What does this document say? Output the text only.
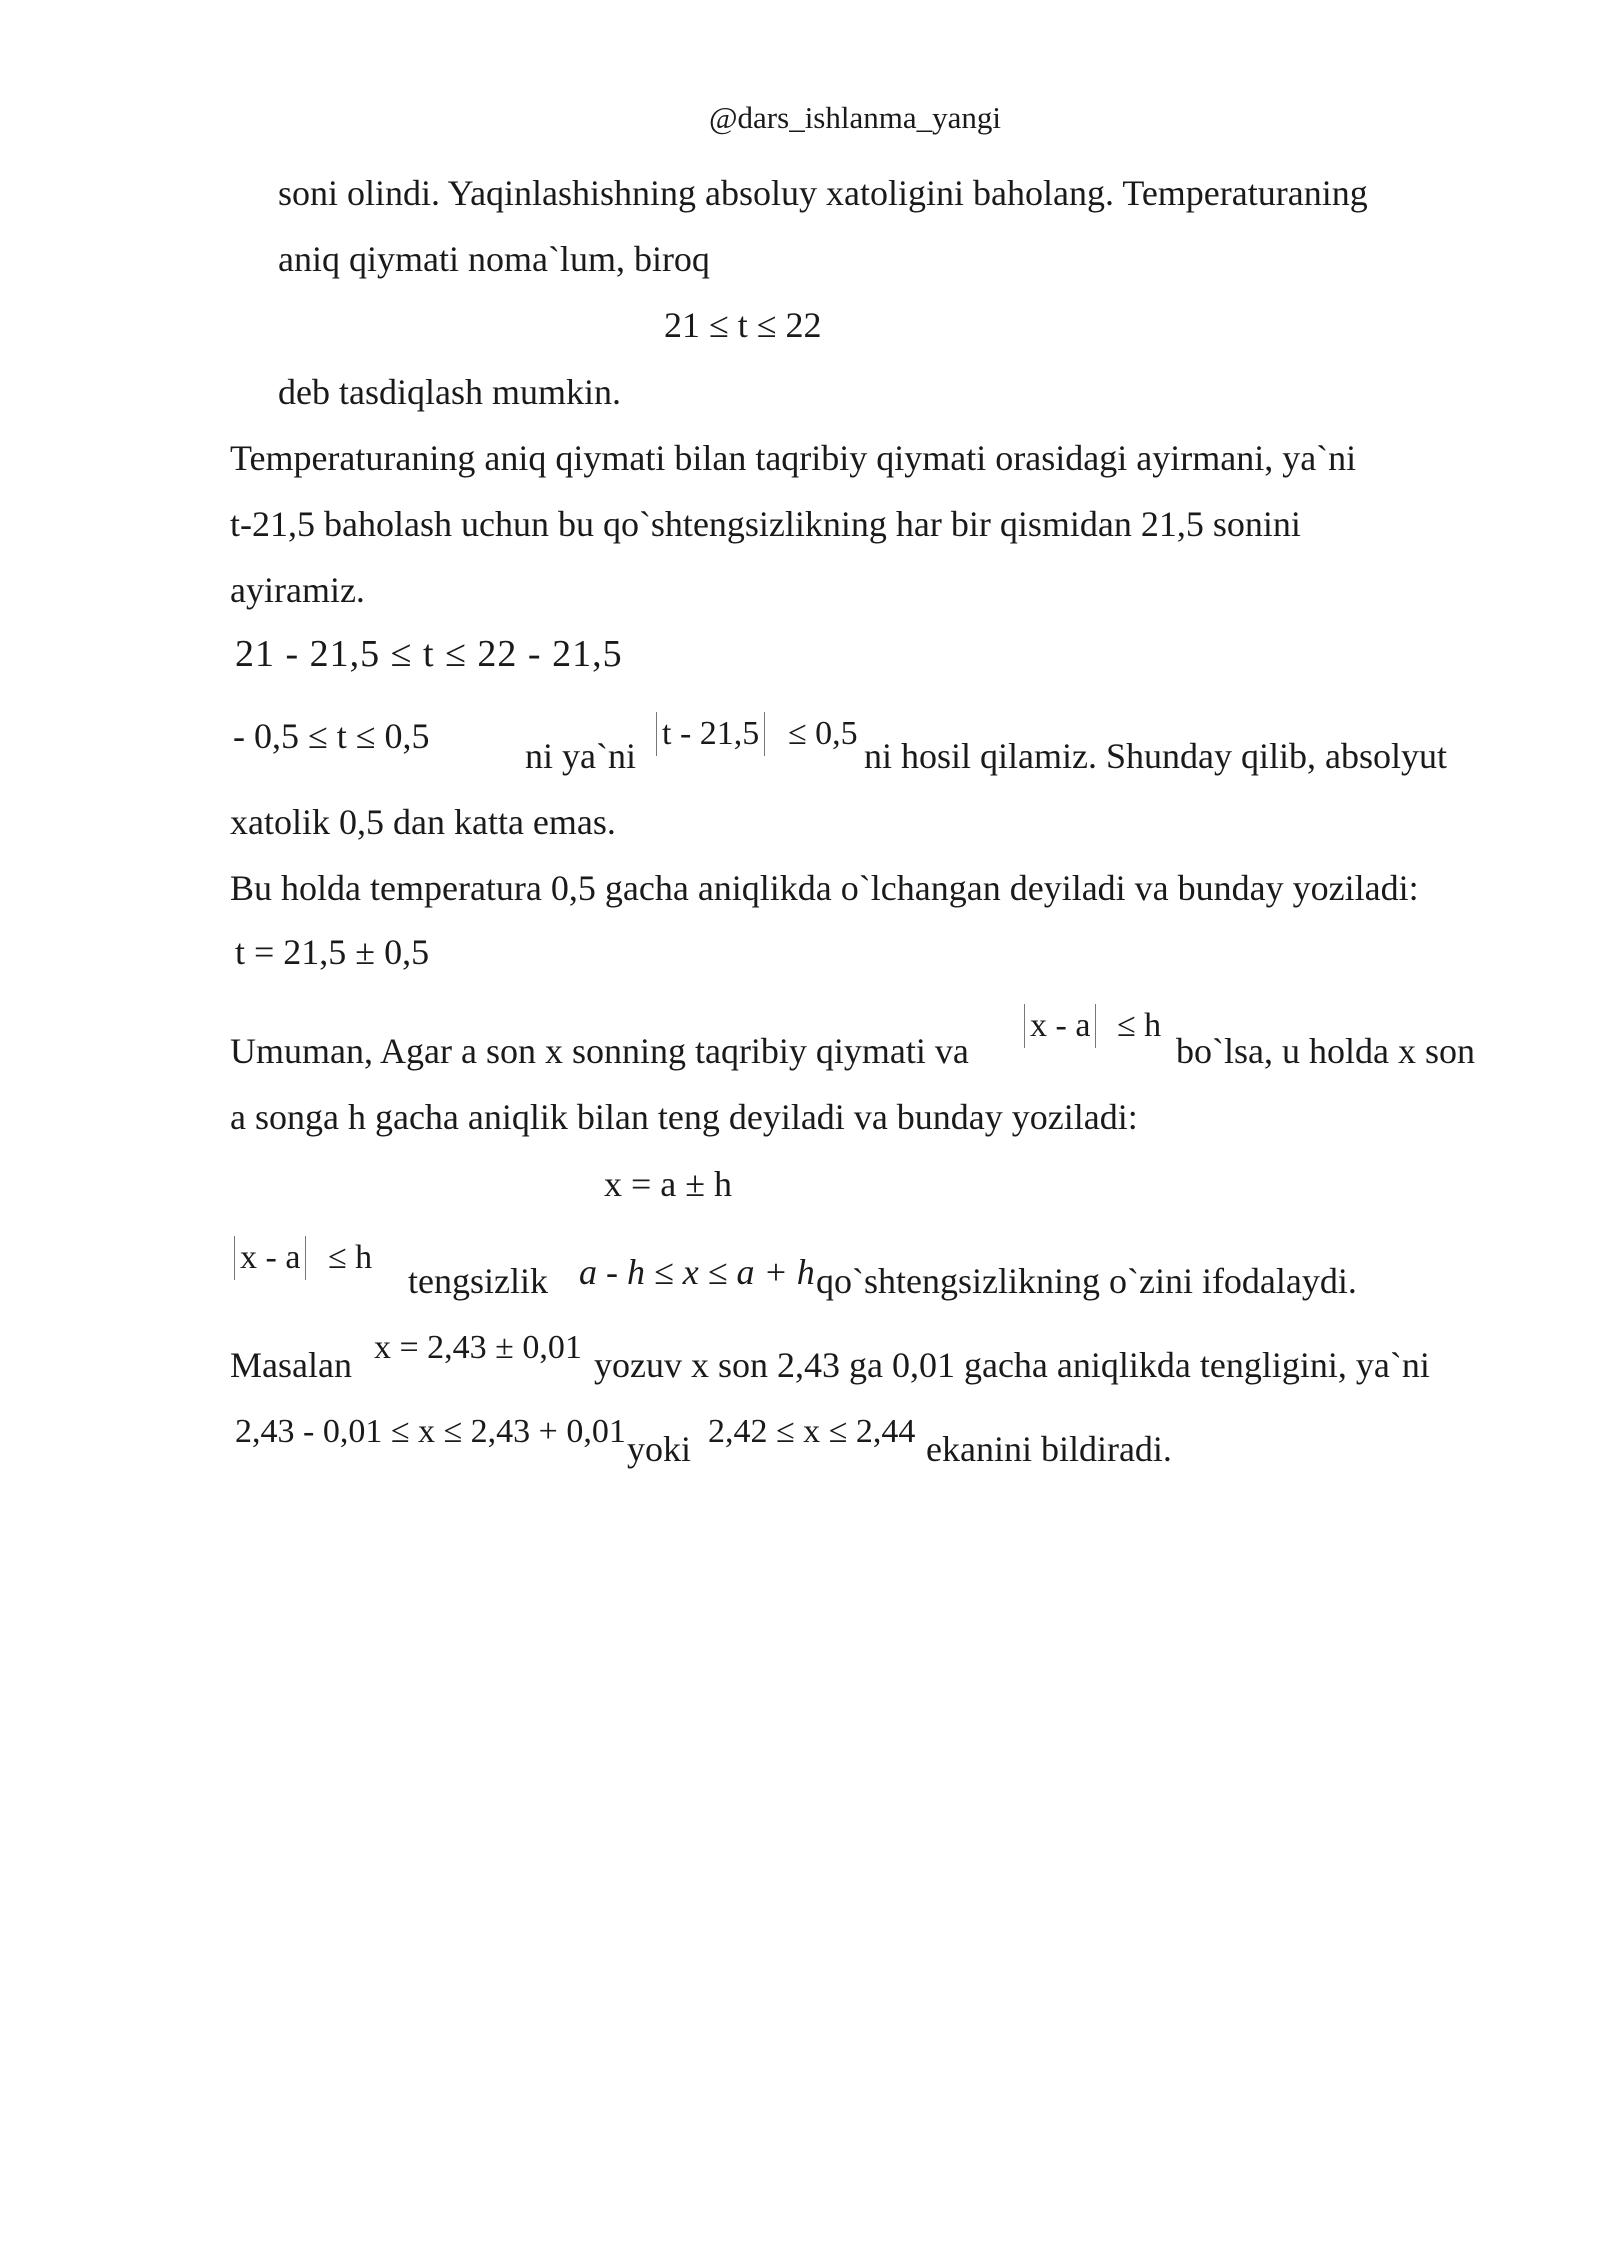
@dars_ishlanma_yangi
soni olindi. Yaqinlashishning absoluy xatoligini baholang. Temperaturaning
aniq qiymati noma`lum, biroq
21 ≤ t ≤ 22
deb tasdiqlash mumkin.
Temperaturaning aniq qiymati bilan taqribiy qiymati orasidagi ayirmani, ya`ni
t-21,5 baholash uchun bu qo`shtengsizlikning har bir qismidan 21,5 sonini
ayiramiz.
21 - 21,5 ≤ t ≤ 22 - 21,5
- 0,5 ≤ t ≤ 0,5	ni ya`ni
t - 21,5 ≤ 0,5
ni hosil qilamiz. Shunday qilib, absolyut
xatolik 0,5 dan katta emas.
Bu holda temperatura 0,5 gacha aniqlikda o`lchangan deyiladi va bunday yoziladi:
t = 21,5 ± 0,5
Umuman, Agar a son x sonning taqribiy qiymati va
x - a ≤ h
bo`lsa, u holda x son
a songa h gacha aniqlik bilan teng deyiladi va bunday yoziladi:
x = a ± h
x - a ≤ h
tengsizlik a - h ≤ x ≤ a + h qo`shtengsizlikning o`zini ifodalaydi.
Masalan x = 2,43 ± 0,01 yozuv x son 2,43 ga 0,01 gacha aniqlikda tengligini, ya`ni
2,43 - 0,01 ≤ x ≤ 2,43 + 0,01 yoki 2,42 ≤ x ≤ 2,44 ekanini bildiradi.
